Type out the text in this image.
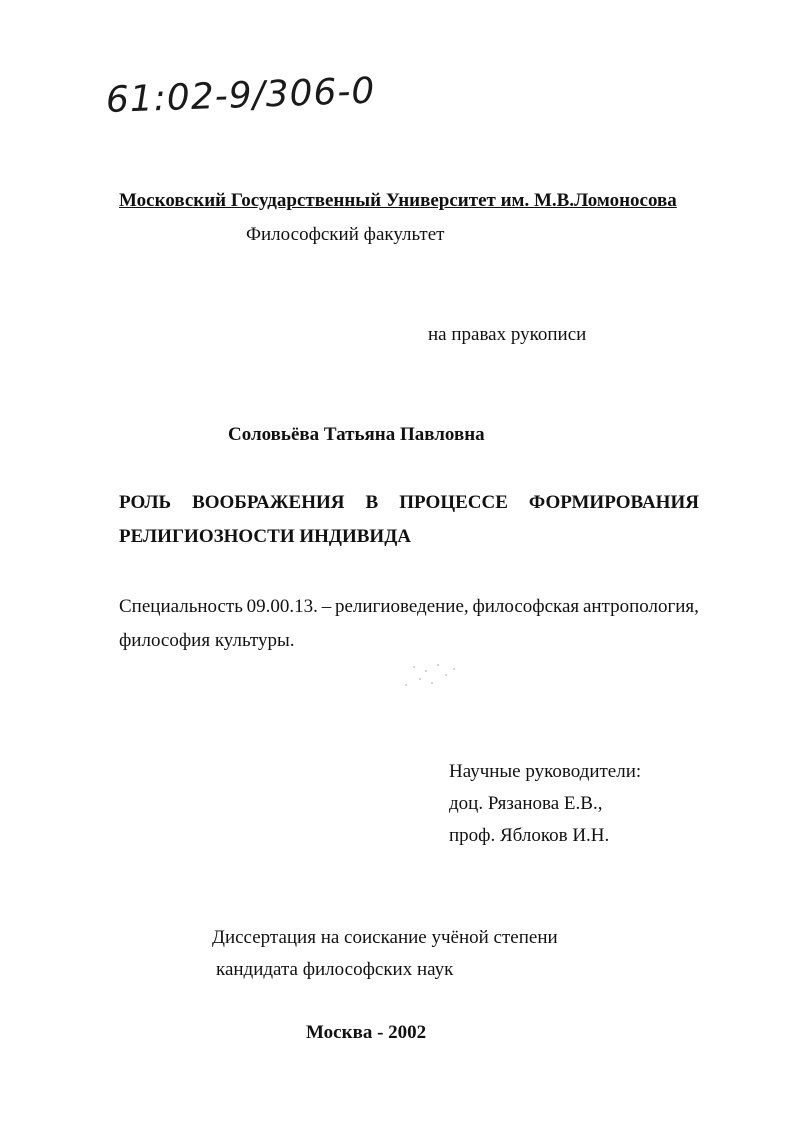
61:02-9/306-0
Московский Государственный Университет им. М.В.Ломоносова
Философский факультет
на правах рукописи
Соловьёва Татьяна Павловна
РОЛЬ ВООБРАЖЕНИЯ В ПРОЦЕССЕ ФОРМИРОВАНИЯ
РЕЛИГИОЗНОСТИ ИНДИВИДА
Специальность 09.00.13. – религиоведение, философская антропология,
философия культуры.
Научные руководители:
доц. Рязанова Е.В.,
проф. Яблоков И.Н.
Диссертация на соискание учёной степени
кандидата философских наук
Москва - 2002
